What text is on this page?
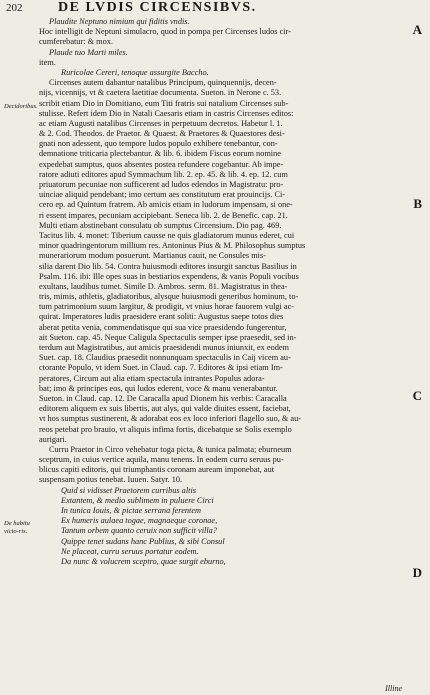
202	DE LVDIS CIRCENSIBVS.
Decidoribus.
De habitu victo-ris.
A
B
C
D
Plaudite Neptuno nimium qui fiditis vndis.
Hoc intelligit de Neptuni simulacro, quod in pompa per Circenses ludos cir-
cumferebatur: & mox.
Plaude tuo Marti miles.
item.
Ruricolae Cereri, tenoque assurgite Baccho.
Circenses autem dabantur natalibus Principum, quinquennijs, decen-
nijs, vicennijs, vt & caetera laetitiae documenta. Sueton. in Nerone c. 53.
scribit etiam Dio in Domitiano, eum Titi fratris sui natalium Circenses sub-
stulisse. Refert idem Dio in Natali Caesaris etiam in castris Circenses editos:
ac etiam Augusti natalibus Circenses in perpetuum decretos. Habetur l. 1.
& 2. Cod. Theodos. de Praetor. & Quaest. & Praetores & Quaestores desi-
gnati non adessent, quo tempore ludos populo exhibere tenebantur, con-
demnatione triticaria plectebantur. & lib. 6. ibidem Fiscus eorum nomine
expedebat sumptus, quos absentes postea refundere cogebantur. Ab impe-
ratore adiuti editores apud Symmachum lib. 2. ep. 45. & lib. 4. ep. 12. cum
priuatorum pecuniae non sufficerent ad ludos edendos in Magistratu: pro-
uinciae aliquid pendebant; imo certum aes constitutum erat prouincijs. Ci-
cero ep. ad Quintum fratrem. Ab amicis etiam in ludorum impensam, si one-
ri essent impares, pecuniam accipiebant. Seneca lib. 2. de Benefic. cap. 21.
Multi etiam abstinebant consulatu ob sumptus Circensium. Dio pag. 469.
Tacitus lib. 4. monet: Tiberium causse ne quis gladiatorum munus ederet, cui
minor quadringentorum millium res. Antoninus Pius & M. Philosophus sumptus
munerariorum modum posuerunt. Martianus cauit, ne Consules mis-
silia darent Dio lib. 54. Contra huiusmodi editores insurgit sanctus Basilius in
Psalm. 116. ibi: Ille opes suas in bestiarios expendens, & vanis Populi vocibus
exultans, laudibus tumet. Simile D. Ambros. serm. 81. Magistratus in thea-
tris, mimis, athletis, gladiatoribus, alysque huiusmodi generibus hominum, to-
tum patrimonium suum largitur, & prodigit, vt vnius horae fauorem vulgi ac-
quirat. Imperatores ludis praesidere erant soliti: Augustus saepe totos dies
aberat petita venia, commendatisque qui sua vice praesidendo fungerentur,
ait Sueton. cap. 45. Neque Caligula Spectaculis semper ipse praesedit, sed in-
terdum aut Magistratibus, aut amicis praesidendi munus iniunxit, ex eodem
Suet. cap. 18. Claudius praesedit nonnunquam spectaculis in Caij vicem au-
ctorante Populo, vt idem Suet. in Claud. cap. 7. Editores & ipsi etiam Im-
peratores, Circum aut alia etiam spectacula intrantes Populus adora-
bat; imo & principes eos, qui ludos ederent, voce & manu venerabantur.
Sueton. in Claud. cap. 12. De Caracalla apud Dionem his verbis: Caracalla
editorem aliquem ex suis libertis, aut alys, qui valde diuites essent, faciebat,
vt hos sumptus sustinerent, & adorabat eos ex loco inferiori flagello suo, & au-
reos petebat pro brauio, vt aliquis infima fortis, dicebatque se Solis exemplo
aurigari.
Curru Praetor in Circo vehebatur toga picta, & tunica palmata; eburneum
sceptrum, in cuius vertice aquila, manu tenens. In eodem curru seruus pu-
blicus capiti editoris, qui triumphantis coronam auream imponebat, aut
suspensam potius tenebat. Iuuen. Satyr. 10.
Quid si vidisset Praetorem curribus altis
Extantem, & medio sublimem in puluere Circi
In tunica Iouis, & pictae serrana ferentem
Ex humeris aulaea togae, magnaeque coronae,
Tantum orbem quanto ceruix non sufficit villa?
Quippe tenet sudans hanc Publius, & sibi Consul
Ne placeat, curru seruus portatur eodem.
Da nunc & volucrem sceptro, quae surgit eburno,
Illine
